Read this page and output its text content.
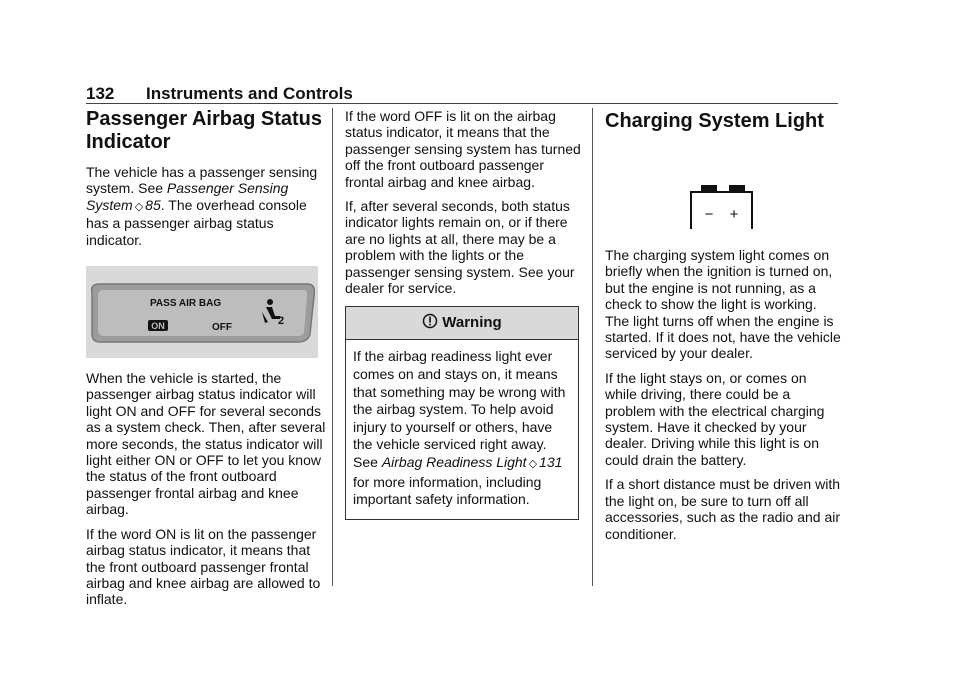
132 Instruments and Controls
Passenger Airbag Status Indicator

The vehicle has a passenger sensing system. See Passenger Sensing System ◇ 85. The overhead console has a passenger airbag status indicator.

PASS AIR BAG
ON	OFF
2

When the vehicle is started, the passenger airbag status indicator will light ON and OFF for several seconds as a system check. Then, after several more seconds, the status indicator will light either ON or OFF to let you know the status of the front outboard passenger frontal airbag and knee airbag.

If the word ON is lit on the passenger airbag status indicator, it means that the front outboard passenger frontal airbag and knee airbag are allowed to inflate.

If the word OFF is lit on the airbag status indicator, it means that the passenger sensing system has turned off the front outboard passenger frontal airbag and knee airbag.

If, after several seconds, both status indicator lights remain on, or if there are no lights at all, there may be a problem with the lights or the passenger sensing system. See your dealer for service.

Warning

If the airbag readiness light ever comes on and stays on, it means that something may be wrong with the airbag system. To help avoid injury to yourself or others, have the vehicle serviced right away. See Airbag Readiness Light ◇ 131 for more information, including important safety information.

Charging System Light
− +

The charging system light comes on briefly when the ignition is turned on, but the engine is not running, as a check to show the light is working. The light turns off when the engine is started. If it does not, have the vehicle serviced by your dealer.

If the light stays on, or comes on while driving, there could be a problem with the electrical charging system. Have it checked by your dealer. Driving while this light is on could drain the battery.

If a short distance must be driven with the light on, be sure to turn off all accessories, such as the radio and air conditioner.
